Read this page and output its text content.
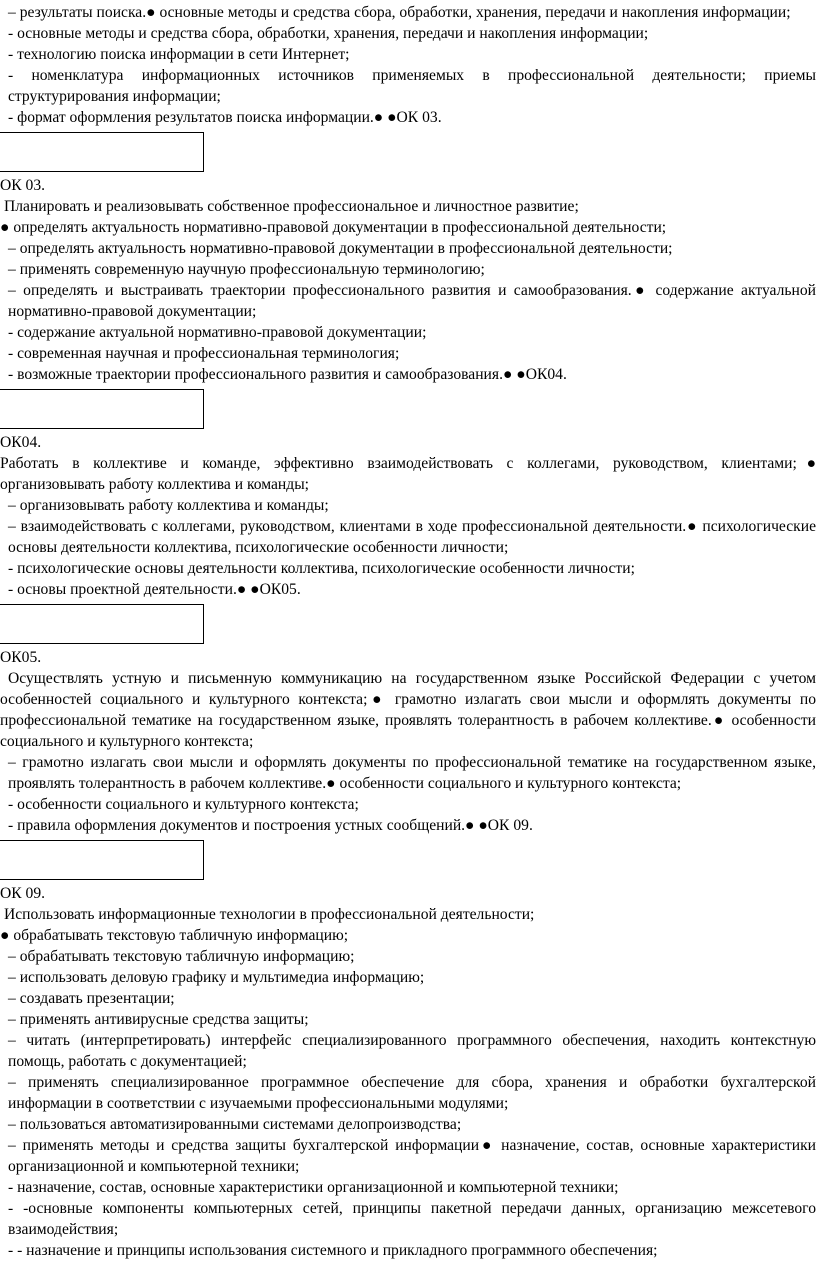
– результаты поиска.● основные методы и средства сбора, обработки, хранения, передачи и накопления информации;

- основные методы и средства сбора, обработки, хранения, передачи и накопления информации;

- технологию поиска информации в сети Интернет;

- номенклатура информационных источников применяемых в профессиональной деятельности; приемы структурирования информации;

- формат оформления результатов поиска информации.● ●ОК 03.

ОК 03.

Планировать и реализовывать собственное профессиональное и личностное развитие;

● определять актуальность нормативно-правовой документации в профессиональной деятельности;

– определять актуальность нормативно-правовой документации в профессиональной деятельности;

– применять современную научную профессиональную терминологию;

– определять и выстраивать траектории профессионального развития и самообразования.● содержание актуальной нормативно-правовой документации;

- содержание актуальной нормативно-правовой документации;

- современная научная и профессиональная терминология;

- возможные траектории профессионального развития и самообразования.● ●ОК04.

ОК04.

Работать в коллективе и команде, эффективно взаимодействовать с коллегами, руководством, клиентами;● организовывать работу коллектива и команды;

– организовывать работу коллектива и команды;

– взаимодействовать с коллегами, руководством, клиентами в ходе профессиональной деятельности.● психологические основы деятельности коллектива, психологические особенности личности;

- психологические основы деятельности коллектива, психологические особенности личности;

- основы проектной деятельности.● ●ОК05.

ОК05.

Осуществлять устную и письменную коммуникацию на государственном языке Российской Федерации с учетом особенностей социального и культурного контекста;● грамотно излагать свои мысли и оформлять документы по профессиональной тематике на государственном языке, проявлять толерантность в рабочем коллективе.● особенности социального и культурного контекста;

– грамотно излагать свои мысли и оформлять документы по профессиональной тематике на государственном языке, проявлять толерантность в рабочем коллективе.● особенности социального и культурного контекста;

- особенности социального и культурного контекста;

- правила оформления документов и построения устных сообщений.● ●ОК 09.

ОК 09.

Использовать информационные технологии в профессиональной деятельности;

● обрабатывать текстовую табличную информацию;

– обрабатывать текстовую табличную информацию;

– использовать деловую графику и мультимедиа информацию;

– создавать презентации;

– применять антивирусные средства защиты;

– читать (интерпретировать) интерфейс специализированного программного обеспечения, находить контекстную помощь, работать с документацией;

– применять специализированное программное обеспечение для сбора, хранения и обработки бухгалтерской информации в соответствии с изучаемыми профессиональными модулями;

– пользоваться автоматизированными системами делопроизводства;

– применять методы и средства защиты бухгалтерской информации● назначение, состав, основные характеристики организационной и компьютерной техники;

- назначение, состав, основные характеристики организационной и компьютерной техники;

- -основные компоненты компьютерных сетей, принципы пакетной передачи данных, организацию межсетевого взаимодействия;

- - назначение и принципы использования системного и прикладного программного обеспечения;
